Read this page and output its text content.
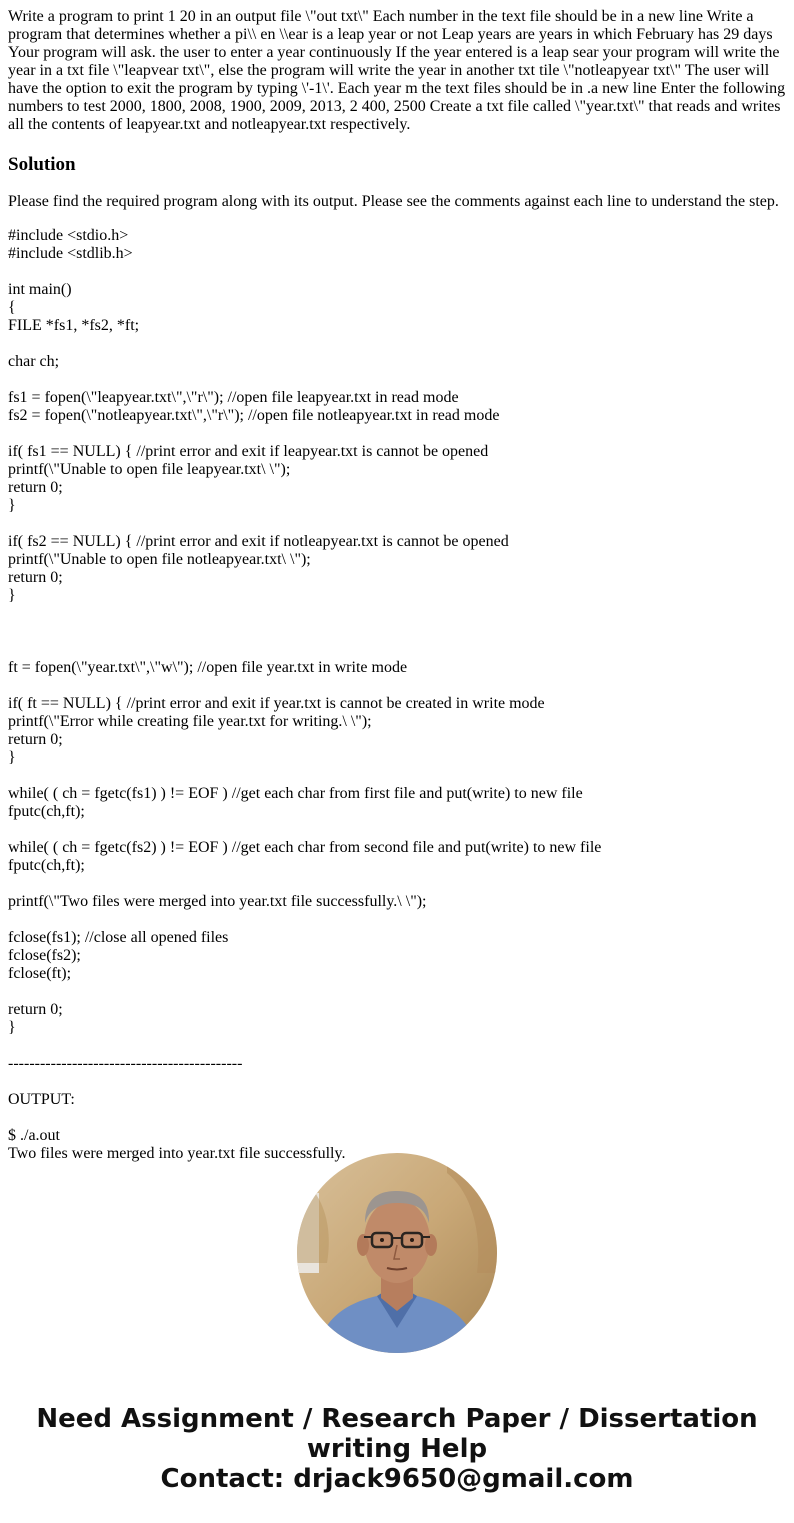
Write a program to print 1 20 in an output file \"out txt\" Each number in the text file should be in a new line Write a program that determines whether a pi\\ en \\ear is a leap year or not Leap years are years in which February has 29 days Your program will ask. the user to enter a year continuously If the year entered is a leap sear your program will write the year in a txt file \"leapvear txt\", else the program will write the year in another txt tile \"notleapyear txt\" The user will have the option to exit the program by typing \'-1\'. Each year m the text files should be in .a new line Enter the following numbers to test 2000, 1800, 2008, 1900, 2009, 2013, 2 400, 2500 Create a txt file called \"year.txt\" that reads and writes all the contents of leapyear.txt and notleapyear.txt respectively.

Solution

Please find the required program along with its output. Please see the comments against each line to understand the step.

#include <stdio.h>
#include <stdlib.h>

int main()
{
FILE *fs1, *fs2, *ft;

char ch;

fs1 = fopen(\"leapyear.txt\",\"r\"); //open file leapyear.txt in read mode
fs2 = fopen(\"notleapyear.txt\",\"r\"); //open file notleapyear.txt in read mode

if( fs1 == NULL) { //print error and exit if leapyear.txt is cannot be opened
printf(\"Unable to open file leapyear.txt\ \");
return 0;
}

if( fs2 == NULL) { //print error and exit if notleapyear.txt is cannot be opened
printf(\"Unable to open file notleapyear.txt\ \");
return 0;
}

ft = fopen(\"year.txt\",\"w\"); //open file year.txt in write mode

if( ft == NULL) { //print error and exit if year.txt is cannot be created in write mode
printf(\"Error while creating file year.txt for writing.\ \");
return 0;
}

while( ( ch = fgetc(fs1) ) != EOF ) //get each char from first file and put(write) to new file
fputc(ch,ft);

while( ( ch = fgetc(fs2) ) != EOF ) //get each char from second file and put(write) to new file
fputc(ch,ft);

printf(\"Two files were merged into year.txt file successfully.\ \");

fclose(fs1); //close all opened files
fclose(fs2);
fclose(ft);

return 0;
}

--------------------------------------------

OUTPUT:

$ ./a.out
Two files were merged into year.txt file successfully.
Need Assignment / Research Paper / Dissertation
writing Help
Contact: drjack9650@gmail.com
